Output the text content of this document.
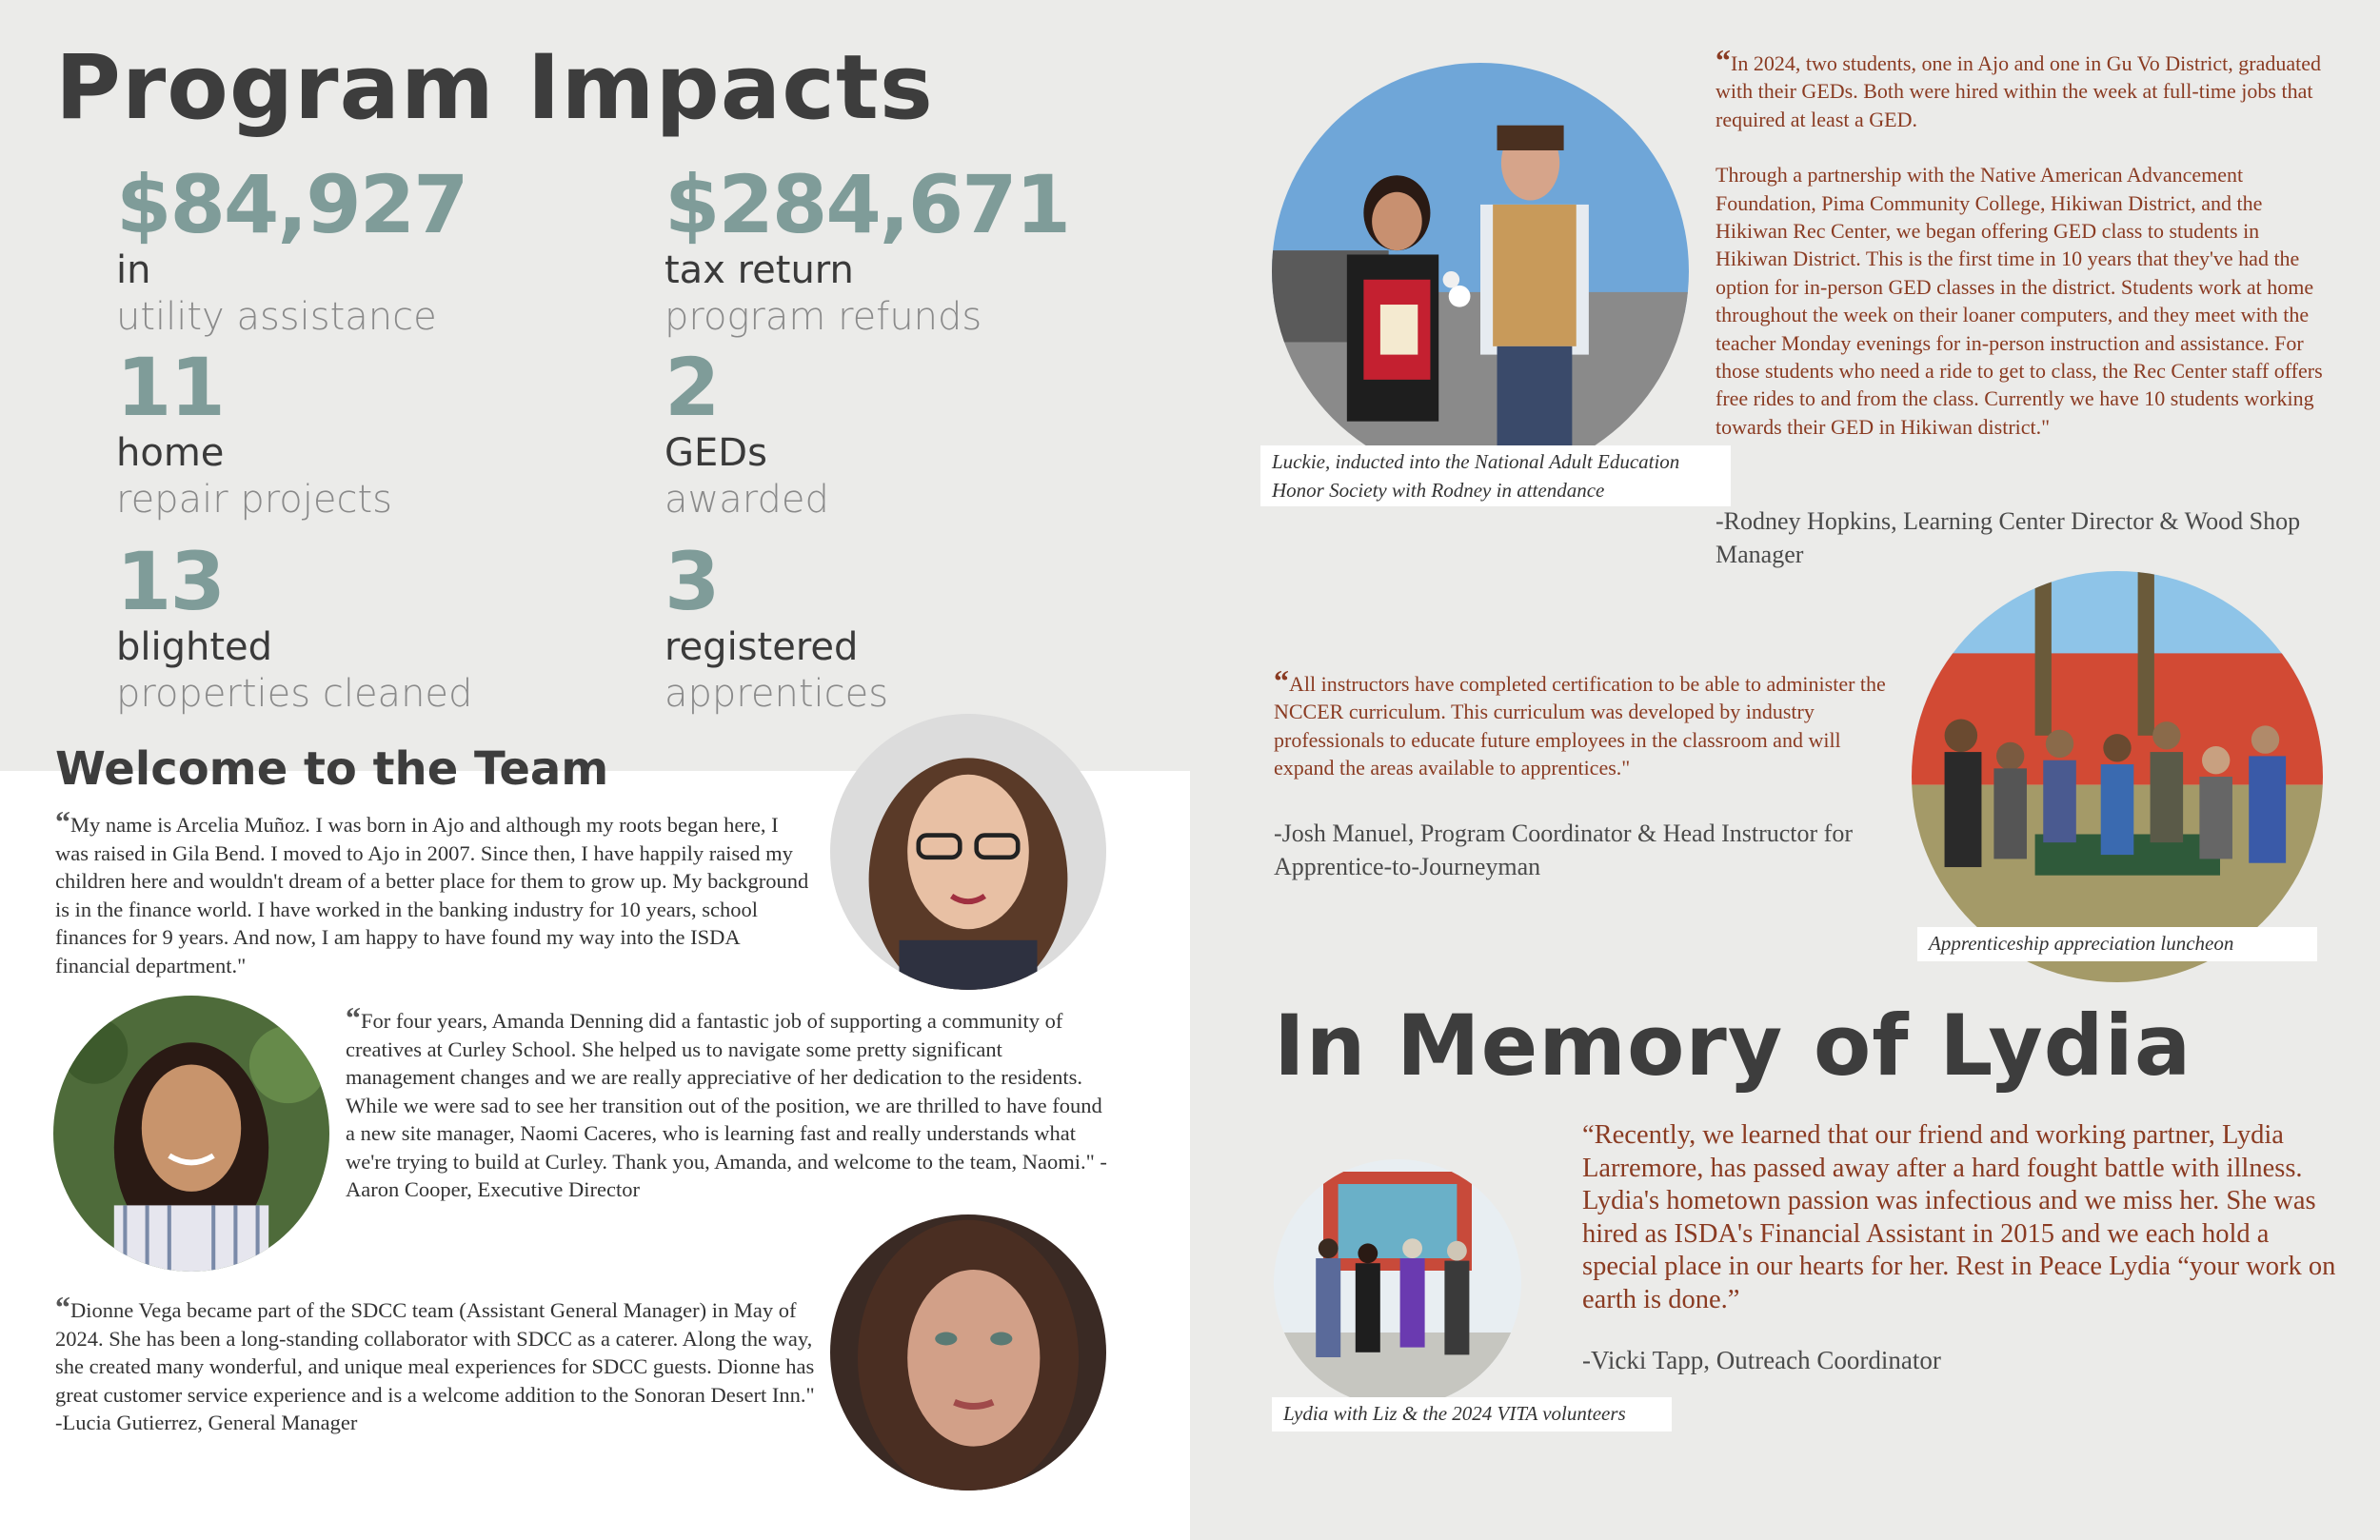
Program Impacts
$84,927
in
utility assistance
$284,671
tax return
program refunds
11
home
repair projects
2
GEDs
awarded
13
blighted
properties cleaned
3
registered
apprentices
Welcome to the Team
“My name is Arcelia Muñoz. I was born in Ajo and although my roots began here, I was raised in Gila Bend. I moved to Ajo in 2007. Since then, I have happily raised my children here and wouldn't dream of a better place for them to grow up. My background is in the finance world. I have worked in the banking industry for 10 years, school finances for 9 years. And now, I am happy to have found my way into the ISDA financial department."
“For four years, Amanda Denning did a fantastic job of supporting a community of creatives at Curley School. She helped us to navigate some pretty significant management changes and we are really appreciative of her dedication to the residents. While we were sad to see her transition out of the position, we are thrilled to have found a new site manager, Naomi Caceres, who is learning fast and really understands what we're trying to build at Curley. Thank you, Amanda, and welcome to the team, Naomi." -Aaron Cooper, Executive Director
“Dionne Vega became part of the SDCC team (Assistant General Manager) in May of 2024. She has been a long-standing collaborator with SDCC as a caterer. Along the way, she created many wonderful, and unique meal experiences for SDCC guests. Dionne has great customer service experience and is a welcome addition to the Sonoran Desert Inn." -Lucia Gutierrez, General Manager
Luckie, inducted into the National Adult Education
Honor Society with Rodney in attendance
“In 2024, two students, one in Ajo and one in Gu Vo District, graduated with their GEDs. Both were hired within the week at full-time jobs that required at least a GED.
Through a partnership with the Native American Advancement Foundation, Pima Community College, Hikiwan District, and the Hikiwan Rec Center, we began offering GED class to students in Hikiwan District. This is the first time in 10 years that they've had the option for in-person GED classes in the district. Students work at home throughout the week on their loaner computers, and they meet with the teacher Monday evenings for in-person instruction and assistance. For those students who need a ride to get to class, the Rec Center staff offers free rides to and from the class. Currently we have 10 students working towards their GED in Hikiwan district."
-Rodney Hopkins, Learning Center Director & Wood Shop Manager
“All instructors have completed certification to be able to administer the NCCER curriculum. This curriculum was developed by industry professionals to educate future employees in the classroom and will expand the areas available to apprentices."
-Josh Manuel, Program Coordinator & Head Instructor for Apprentice-to-Journeyman
Apprenticeship appreciation luncheon
In Memory of Lydia
Lydia with Liz & the 2024 VITA volunteers
“Recently, we learned that our friend and working partner, Lydia Larremore, has passed away after a hard fought battle with illness. Lydia's hometown passion was infectious and we miss her. She was hired as ISDA's Financial Assistant in 2015 and we each hold a special place in our hearts for her. Rest in Peace Lydia “your work on earth is done.”
-Vicki Tapp, Outreach Coordinator
